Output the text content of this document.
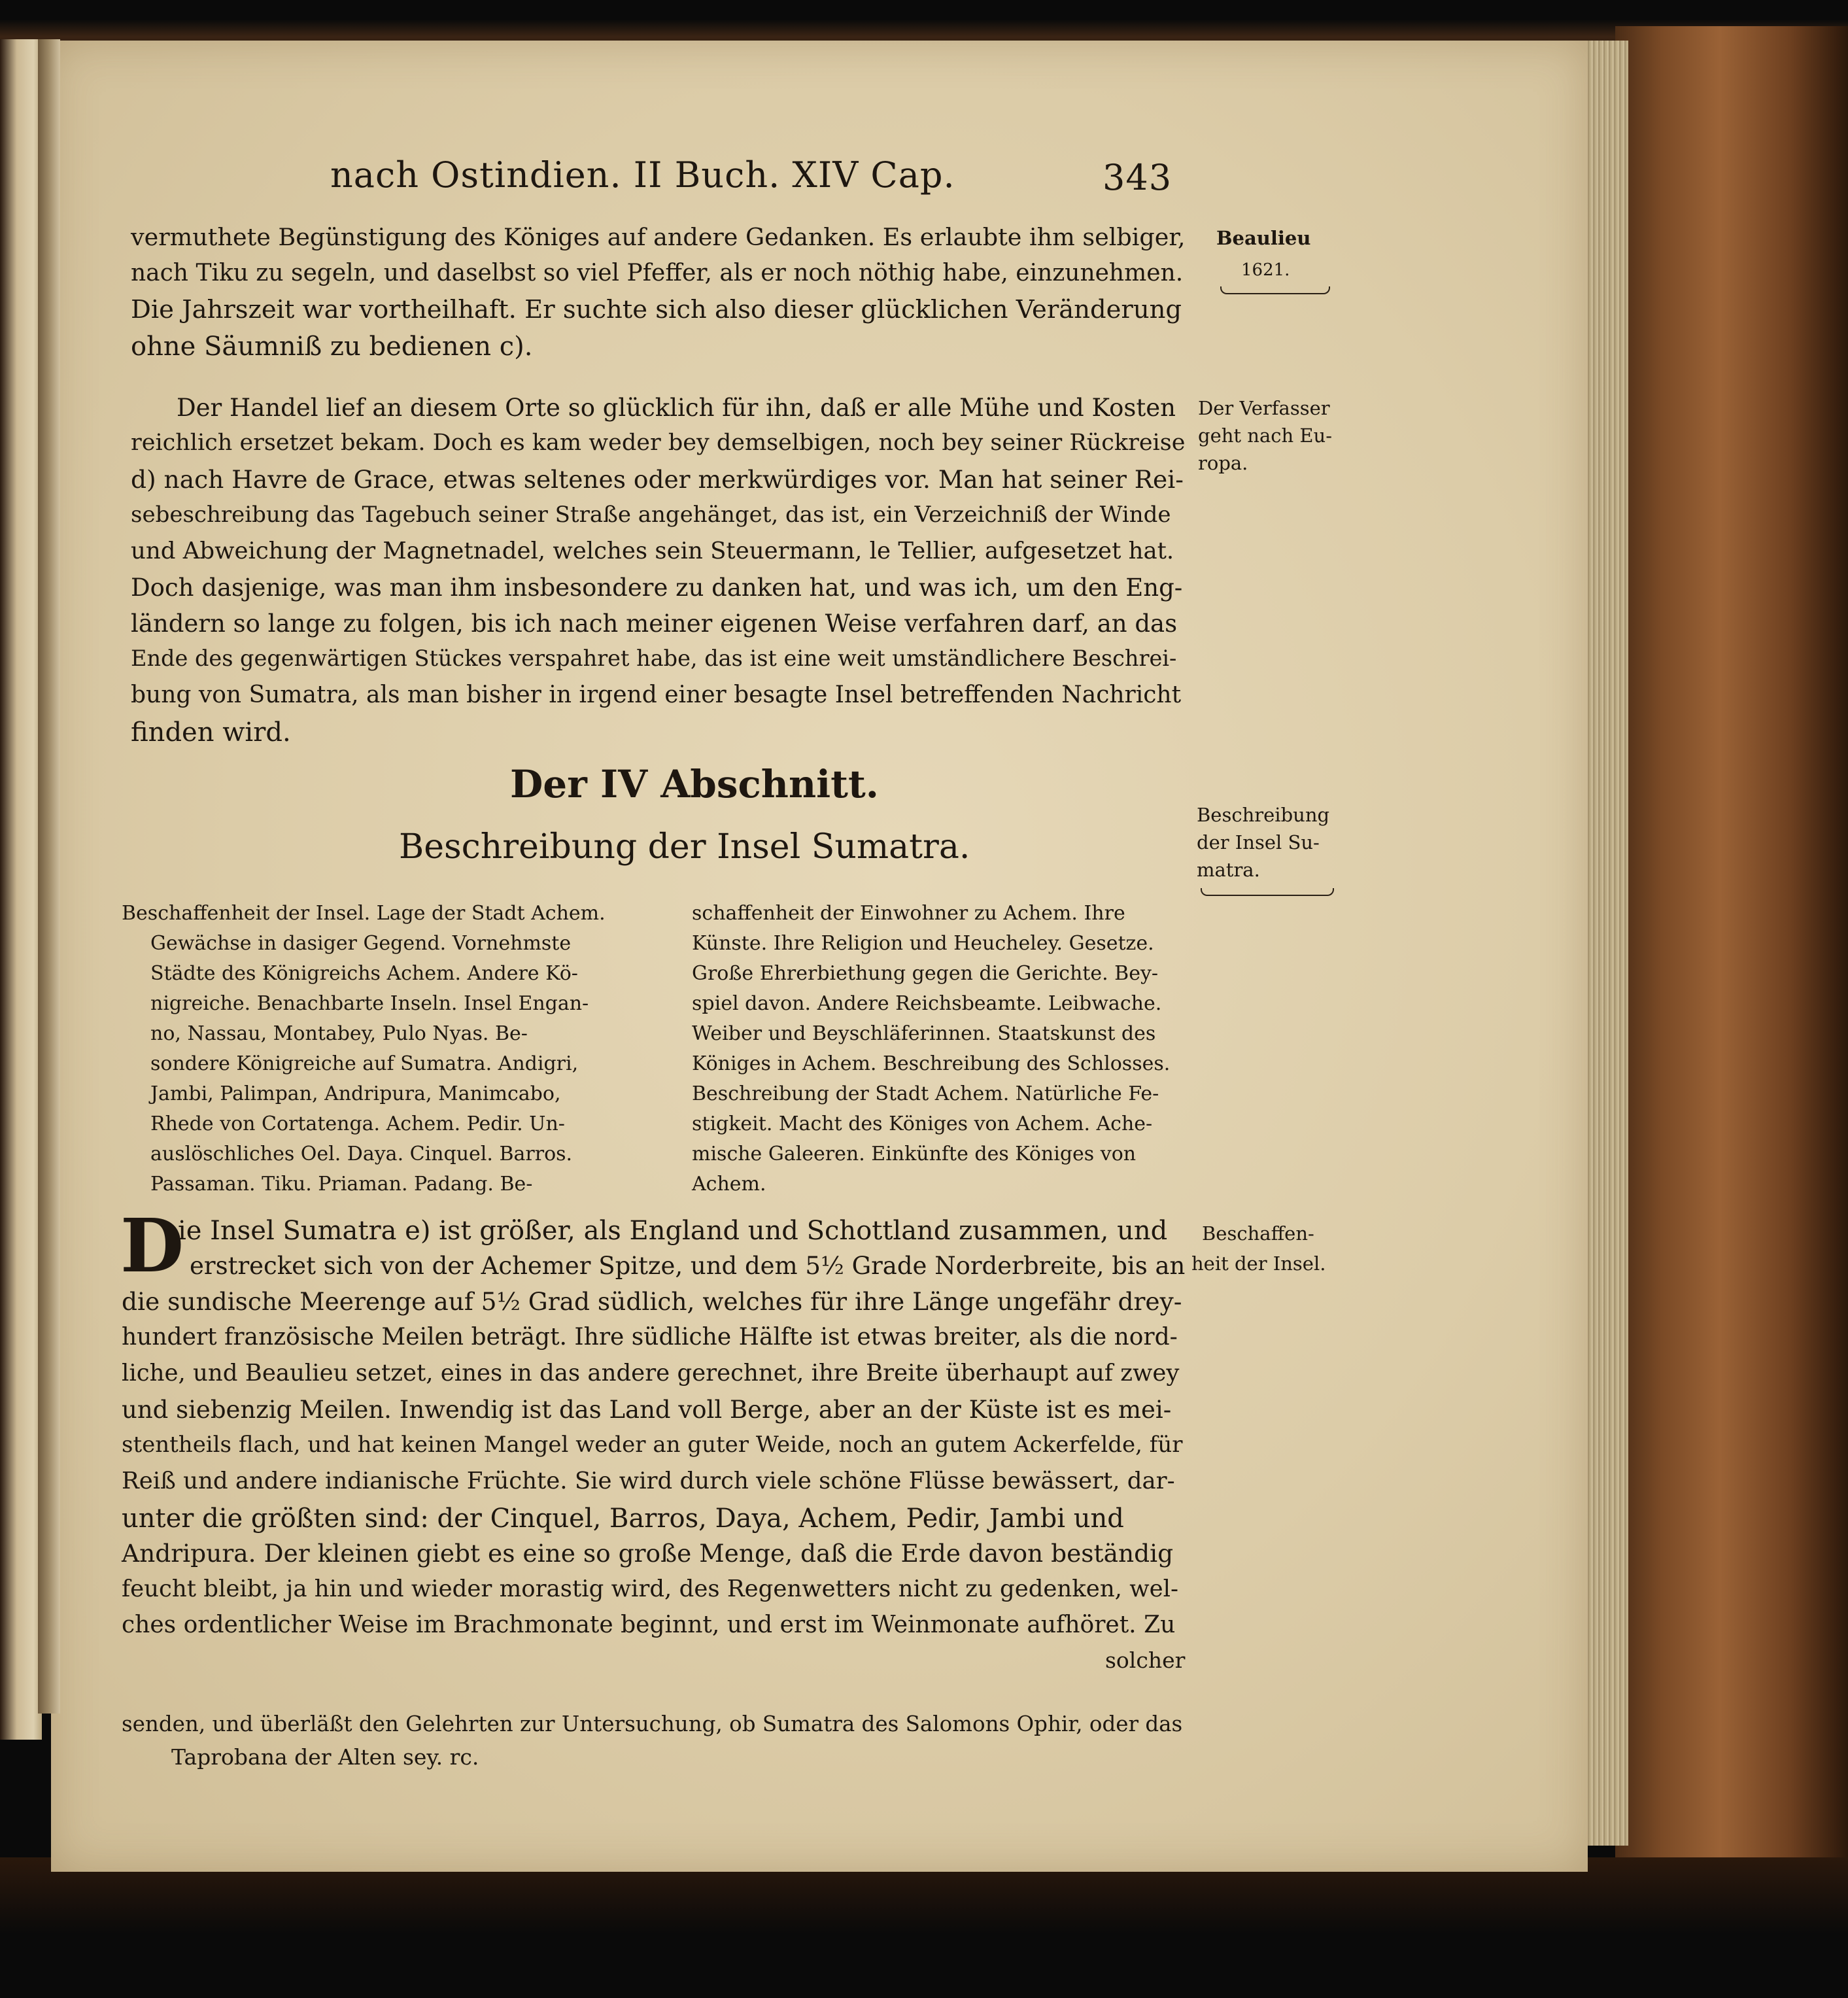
nach Ostindien. II Buch. XIV Cap.	343
vermuthete Begünstigung des Königes auf andere Gedanken. Es erlaubte ihm selbiger,
nach Tiku zu segeln, und daselbst so viel Pfeffer, als er noch nöthig habe, einzunehmen.
Die Jahrszeit war vortheilhaft. Er suchte sich also dieser glücklichen Veränderung
ohne Säumniß zu bedienen c).
Beaulieu
1621.
Der Handel lief an diesem Orte so glücklich für ihn, daß er alle Mühe und Kosten
reichlich ersetzet bekam. Doch es kam weder bey demselbigen, noch bey seiner Rückreise
d) nach Havre de Grace, etwas seltenes oder merkwürdiges vor. Man hat seiner Rei-
sebeschreibung das Tagebuch seiner Straße angehänget, das ist, ein Verzeichniß der Winde
und Abweichung der Magnetnadel, welches sein Steuermann, le Tellier, aufgesetzet hat.
Doch dasjenige, was man ihm insbesondere zu danken hat, und was ich, um den Eng-
ländern so lange zu folgen, bis ich nach meiner eigenen Weise verfahren darf, an das
Ende des gegenwärtigen Stückes verspahret habe, das ist eine weit umständlichere Beschrei-
bung von Sumatra, als man bisher in irgend einer besagte Insel betreffenden Nachricht
finden wird.
Der Verfasser
geht nach Eu-
ropa.
Der IV Abschnitt.
Beschreibung der Insel Sumatra.
Beschreibung
der Insel Su-
matra.
Beschaffenheit der Insel. Lage der Stadt Achem.
Gewächse in dasiger Gegend. Vornehmste
Städte des Königreichs Achem. Andere Kö-
nigreiche. Benachbarte Inseln. Insel Engan-
no, Nassau, Montabey, Pulo Nyas. Be-
sondere Königreiche auf Sumatra. Andigri,
Jambi, Palimpan, Andripura, Manimcabo,
Rhede von Cortatenga. Achem. Pedir. Un-
auslöschliches Oel. Daya. Cinquel. Barros.
Passaman. Tiku. Priaman. Padang. Be-
schaffenheit der Einwohner zu Achem. Ihre
Künste. Ihre Religion und Heucheley. Gesetze.
Große Ehrerbiethung gegen die Gerichte. Bey-
spiel davon. Andere Reichsbeamte. Leibwache.
Weiber und Beyschläferinnen. Staatskunst des
Königes in Achem. Beschreibung des Schlosses.
Beschreibung der Stadt Achem. Natürliche Fe-
stigkeit. Macht des Königes von Achem. Ache-
mische Galeeren. Einkünfte des Königes von
Achem.
D
ie Insel Sumatra e) ist größer, als England und Schottland zusammen, und
erstrecket sich von der Achemer Spitze, und dem 5½ Grade Norderbreite, bis an
die sundische Meerenge auf 5½ Grad südlich, welches für ihre Länge ungefähr drey-
hundert französische Meilen beträgt. Ihre südliche Hälfte ist etwas breiter, als die nord-
liche, und Beaulieu setzet, eines in das andere gerechnet, ihre Breite überhaupt auf zwey
und siebenzig Meilen. Inwendig ist das Land voll Berge, aber an der Küste ist es mei-
stentheils flach, und hat keinen Mangel weder an guter Weide, noch an gutem Ackerfelde, für
Reiß und andere indianische Früchte. Sie wird durch viele schöne Flüsse bewässert, dar-
unter die größten sind: der Cinquel, Barros, Daya, Achem, Pedir, Jambi und
Andripura. Der kleinen giebt es eine so große Menge, daß die Erde davon beständig
feucht bleibt, ja hin und wieder morastig wird, des Regenwetters nicht zu gedenken, wel-
ches ordentlicher Weise im Brachmonate beginnt, und erst im Weinmonate aufhöret. Zu
solcher
Beschaffen-
heit der Insel.
senden, und überläßt den Gelehrten zur Untersuchung, ob Sumatra des Salomons Ophir, oder das
Taprobana der Alten sey. rc.
